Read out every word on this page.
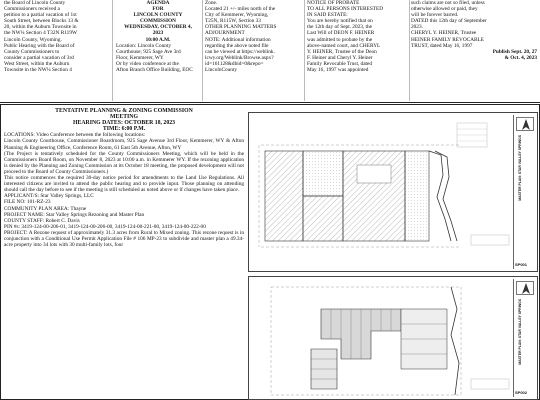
the Board of Lincoln County

Commissioners received a

petition to a partial vacation of 1st

South Street, between Blocks 13 &

20, within the Auburn Townsite in

the NW¼ Section 4 T32N R119W

Lincoln County, Wyoming.

Public Hearing with the Board of

County Commissioners to

consider a partial vacation of 3rd

West Street, within the Auburn

Townsite in the NW¼ Section 4

AGENDA

FOR

LINCOLN COUNTY

COMMISSION

WEDNESDAY, OCTOBER 4,

2023

10:00 A.M.

Location: Lincoln County

Courthouse; 925 Sage Ave 3rd

Floor, Kemmerer, WY

Or by video conference at the

Afton Branch Office Building, EOC

Zone.

Located 21 +/- miles north of the

City of Kemmerer, Wyoming,

T25N, R115W, Section 33

OTHER PLANNING MATTERS

ADJOURNMENT

NOTE: Additional information

regarding the above noted file

can be viewed at https://weblink.

lcwy.org/Weblink/Browse.aspx?

id=161128&dbid=0&repo=

LincolnCounty

NOTICE OF PROBATE

TO ALL PERSONS INTERESTED

IN SAID ESTATE:

You are hereby notified that on

the 12th day of Sept. 2023, the

Last Will of DEON F. HEINER

was admitted to probate by the

above-named court, and CHERYL

Y. HEINER, Trustee of the Deon

F. Heiner and Cheryl Y. Heiner

Family Revocable Trust, dated

May 16, 1997 was appointed

such claims are not so filed, unless

otherwise allowed or paid, they

will be forever barred.

DATED this 12th day of September

2023.

CHERYL Y. HEINER, Trustee

HEINER FAMILY REVOCABLE

TRUST, dated May 16, 1997

Publish Sept. 20, 27

& Oct. 4, 2023

TENTATIVE PLANNING & ZONING COMMISSION

MEETING

HEARING DATES: OCTOBER 18, 2023

TIME: 6:00 P.M.

LOCATIONS: Video Conference between the following locations:

Lincoln County Courthouse, Commissioner Boardroom, 925 Sage Avenue 3rd Floor, Kemmerer, WY & Afton Planning & Engineering Office, Conference Room, 61 East 5th Avenue, Afton, WY

(The Project is tentatively scheduled for the County Commissioners Meeting, which will be held in the Commissioners Board Room, on November 8, 2023 at 10:00 a.m. in Kemmerer WY. If the rezoning application is denied by the Planning and Zoning Commission at its October 18 meeting, the proposed development will not proceed to the Board of County Commissioners.)

This notice commences the required 30-day notice period for amendments to the Land Use Regulations. All interested citizens are invited to attend the public hearing and to provide input. Those planning on attending should call the day before to see if the meeting is still scheduled as noted above or if changes have taken place.

APPLICANT/S: Star Valley Springs, LLC

FILE NO: 101-RZ-23

COMMUNITY PLAN AREA: Thayne

PROJECT NAME: Star Valley Springs Rezoning and Master Plan

COUNTY STAFF: Robert C. Davis

PIN #s: 3419-124-00-206-01, 3419-124-00-206-00, 3419-124-00-221-00, 3419-124-00-222-00

PROJECT: A Rezone request of approximately 31.3 acres from Rural to Mixed zoning. This rezone request is in conjunction with a Conditional Use Permit Application File # 106 MP-23 to subdivide and master plan a 49.34-acre property into 34 lots with 30 multi-family lots, four

MASTER PLAN: STAR VALLEY SPRINGS
SP001
MASTER PLAN: STAR VALLEY SPRINGS
SP002
